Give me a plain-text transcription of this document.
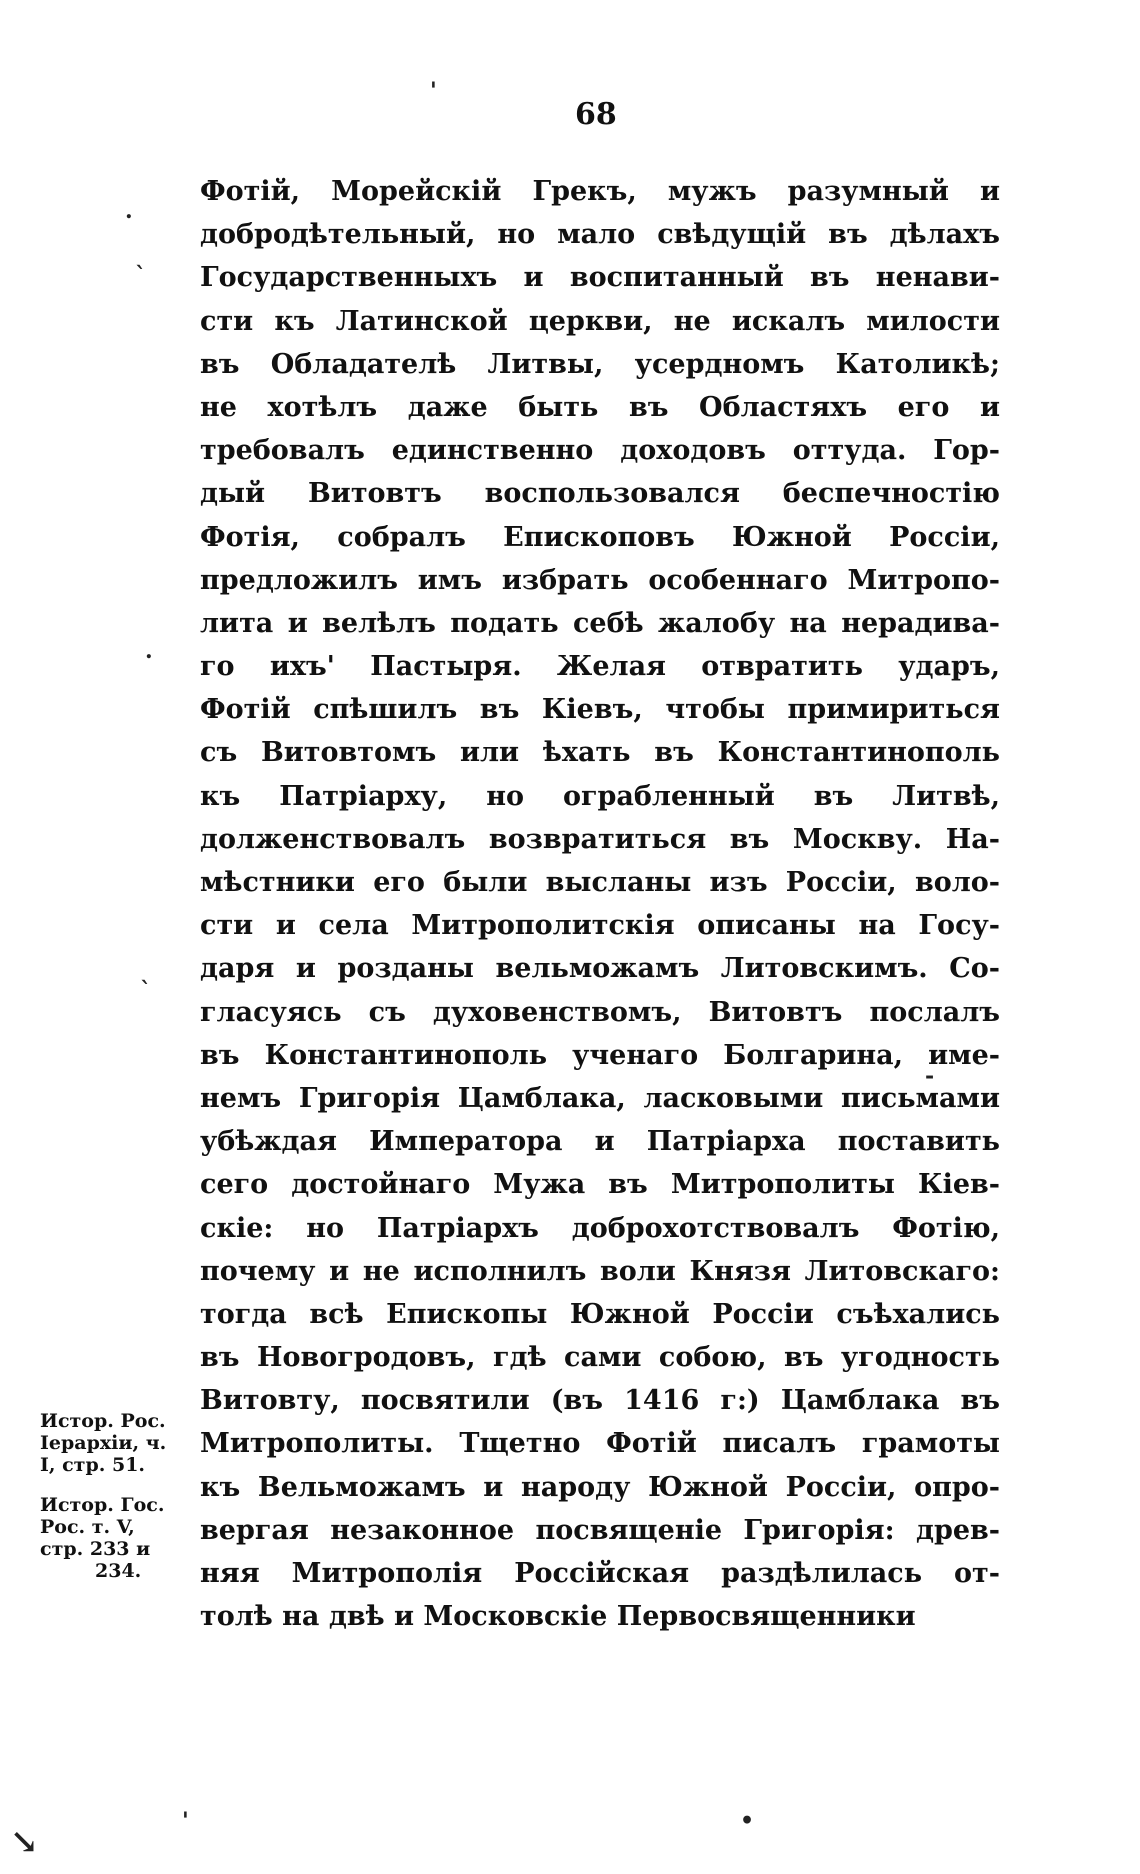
'
.
`
.
`
-
'	•
↘
68
Фотій, Морейскій Грекъ, мужъ разумный и
добродѣтельный, но мало свѣдущій въ дѣлахъ
Государственныхъ и воспитанный въ ненави-
сти къ Латинской церкви, не искалъ милости
въ Обладателѣ Литвы, усердномъ Католикѣ;
не хотѣлъ даже быть въ Областяхъ его и
требовалъ единственно доходовъ оттуда. Гор-
дый Витовтъ воспользовался беспечностію
Фотія, собралъ Епископовъ Южной Россіи,
предложилъ имъ избрать особеннаго Митропо-
лита и велѣлъ подать себѣ жалобу на нерадива-
го ихъ' Пастыря. Желая отвратить ударъ,
Фотій спѣшилъ въ Кіевъ, чтобы примириться
съ Витовтомъ или ѣхать въ Константинополь
къ Патріарху, но ограбленный въ Литвѣ,
долженствовалъ возвратиться въ Москву. На-
мѣстники его были высланы изъ Россіи, воло-
сти и села Митрополитскія описаны на Госу-
даря и розданы вельможамъ Литовскимъ. Со-
гласуясь съ духовенствомъ, Витовтъ послалъ
въ Константинополь ученаго Болгарина, име-
немъ Григорія Цамблака, ласковыми письмами
убѣждая Императора и Патріарха поставить
сего достойнаго Мужа въ Митрополиты Кіев-
скіе: но Патріархъ доброхотствовалъ Фотію,
почему и не исполнилъ воли Князя Литовскаго:
тогда всѣ Епископы Южной Россіи съѣхались
въ Новогродовъ, гдѣ сами собою, въ угодность
Витовту, посвятили (въ 1416 г:) Цамблака въ
Митрополиты. Тщетно Фотій писалъ грамоты
къ Вельможамъ и народу Южной Россіи, опро-
вергая незаконное посвященіе Григорія: древ-
няя Митрополія Россійская раздѣлилась от-
толѣ на двѣ и Московскіе Первосвященники
Истор. Рос.
Іерархіи, ч.
I, стр. 51.
Истор. Гос.
Рос. т. V,
стр. 233 и
234.
